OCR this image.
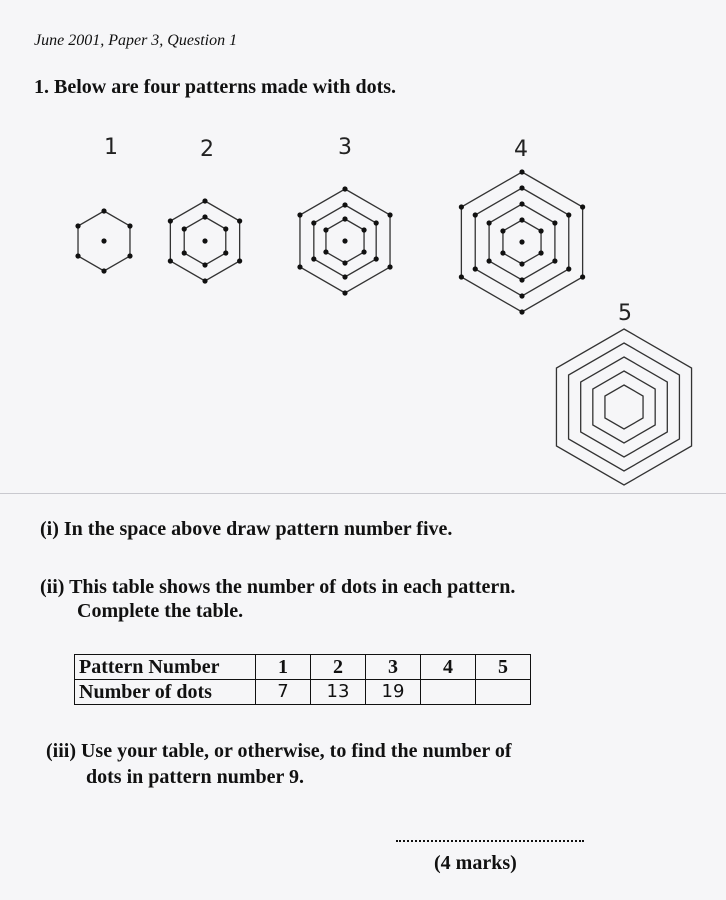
June 2001, Paper 3, Question 1
1. Below are four patterns made with dots.
1	2	3	4
5
(i) In the space above draw pattern number five.
(ii) This table shows the number of dots in each pattern.
Complete the table.
Pattern Number	1	2	3	4	5
Number of dots	7	13	19		
(iii) Use your table, or otherwise, to find the number of
dots in pattern number 9.
(4 marks)
